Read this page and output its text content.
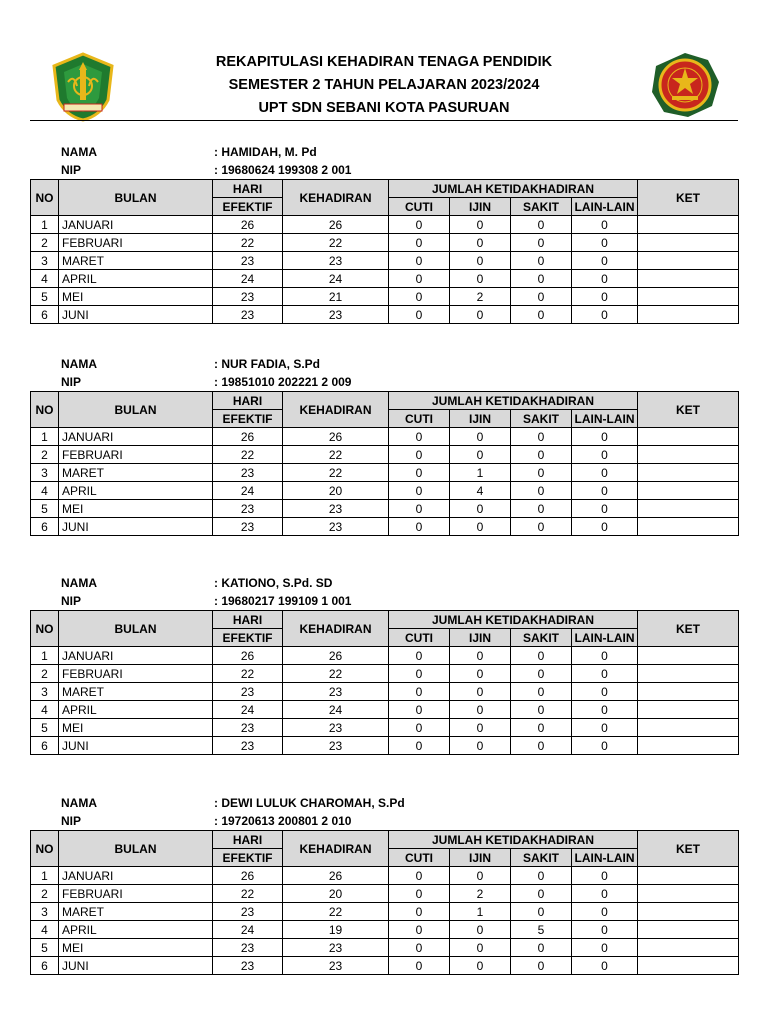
REKAPITULASI KEHADIRAN TENAGA PENDIDIK
SEMESTER 2 TAHUN PELAJARAN 2023/2024
UPT SDN SEBANI KOTA PASURUAN
NAMA	: HAMIDAH, M. Pd
NIP	: 19680624 199308 2 001
NO	BULAN	HARI	KEHADIRAN	JUMLAH KETIDAKHADIRAN				KET
		EFEKTIF		CUTI	IJIN	SAKIT	LAIN-LAIN	
1	JANUARI	26	26	0	0	0	0	
2	FEBRUARI	22	22	0	0	0	0	
3	MARET	23	23	0	0	0	0	
4	APRIL	24	24	0	0	0	0	
5	MEI	23	21	0	2	0	0	
6	JUNI	23	23	0	0	0	0	
NAMA	: NUR FADIA, S.Pd
NIP	: 19851010 202221 2 009
NO	BULAN	HARI	KEHADIRAN	JUMLAH KETIDAKHADIRAN				KET
		EFEKTIF		CUTI	IJIN	SAKIT	LAIN-LAIN	
1	JANUARI	26	26	0	0	0	0	
2	FEBRUARI	22	22	0	0	0	0	
3	MARET	23	22	0	1	0	0	
4	APRIL	24	20	0	4	0	0	
5	MEI	23	23	0	0	0	0	
6	JUNI	23	23	0	0	0	0	
NAMA	: KATIONO, S.Pd. SD
NIP	: 19680217 199109 1 001
NO	BULAN	HARI	KEHADIRAN	JUMLAH KETIDAKHADIRAN				KET
		EFEKTIF		CUTI	IJIN	SAKIT	LAIN-LAIN	
1	JANUARI	26	26	0	0	0	0	
2	FEBRUARI	22	22	0	0	0	0	
3	MARET	23	23	0	0	0	0	
4	APRIL	24	24	0	0	0	0	
5	MEI	23	23	0	0	0	0	
6	JUNI	23	23	0	0	0	0	
NAMA	: DEWI LULUK CHAROMAH, S.Pd
NIP	: 19720613 200801 2 010
NO	BULAN	HARI	KEHADIRAN	JUMLAH KETIDAKHADIRAN				KET
		EFEKTIF		CUTI	IJIN	SAKIT	LAIN-LAIN	
1	JANUARI	26	26	0	0	0	0	
2	FEBRUARI	22	20	0	2	0	0	
3	MARET	23	22	0	1	0	0	
4	APRIL	24	19	0	0	5	0	
5	MEI	23	23	0	0	0	0	
6	JUNI	23	23	0	0	0	0	
